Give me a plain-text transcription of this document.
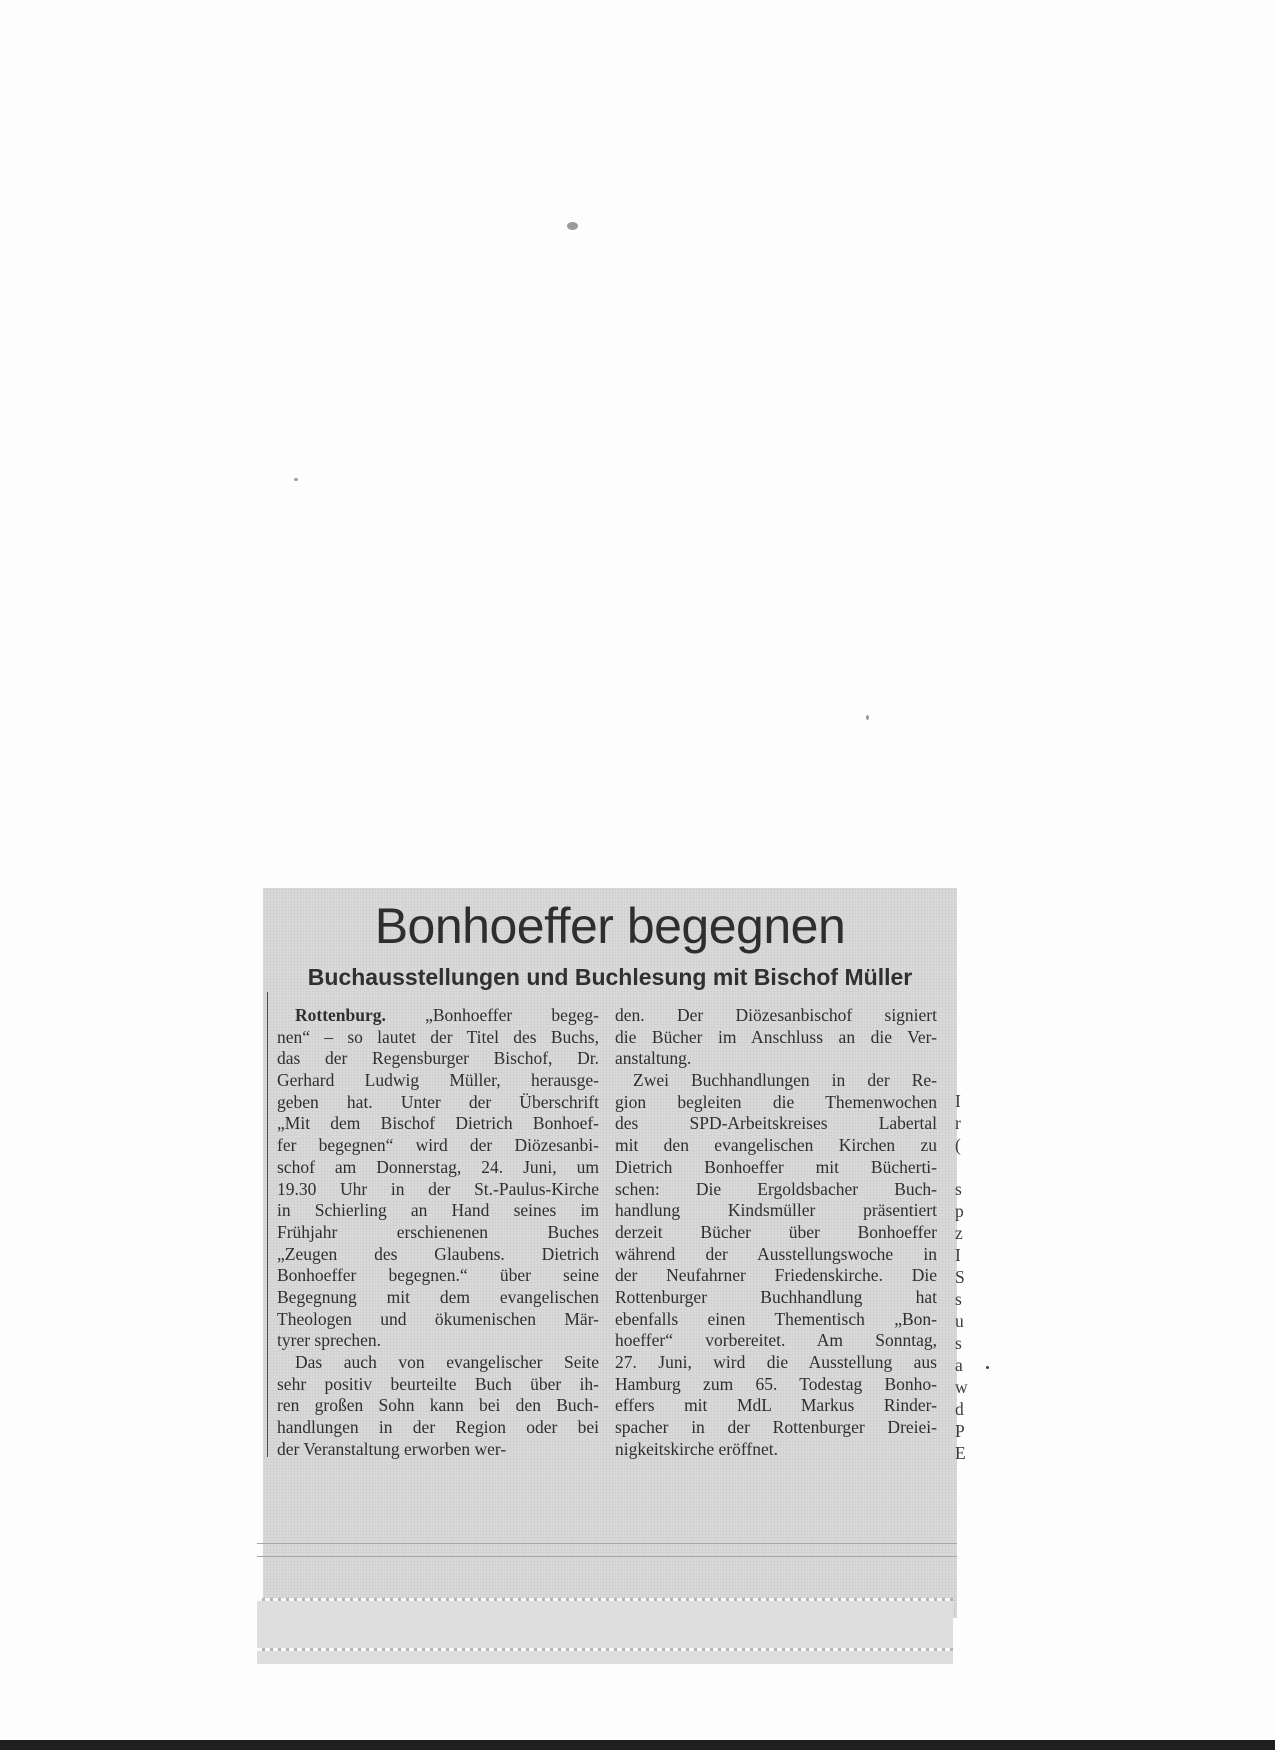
Bonhoeffer begegnen
Buchausstellungen und Buchlesung mit Bischof Müller
Rottenburg. „Bonhoeffer begeg-
nen“ – so lautet der Titel des Buchs,
das der Regensburger Bischof, Dr.
Gerhard Ludwig Müller, herausge-
geben hat. Unter der Überschrift
„Mit dem Bischof Dietrich Bonhoef-
fer begegnen“ wird der Diözesanbi-
schof am Donnerstag, 24. Juni, um
19.30 Uhr in der St.-Paulus-Kirche
in Schierling an Hand seines im
Frühjahr erschienenen Buches
„Zeugen des Glaubens. Dietrich
Bonhoeffer begegnen.“ über seine
Begegnung mit dem evangelischen
Theologen und ökumenischen Mär-
tyrer sprechen.
Das auch von evangelischer Seite
sehr positiv beurteilte Buch über ih-
ren großen Sohn kann bei den Buch-
handlungen in der Region oder bei
der Veranstaltung erworben wer-
den. Der Diözesanbischof signiert
die Bücher im Anschluss an die Ver-
anstaltung.
Zwei Buchhandlungen in der Re-
gion begleiten die Themenwochen
des SPD-Arbeitskreises Labertal
mit den evangelischen Kirchen zu
Dietrich Bonhoeffer mit Bücherti-
schen: Die Ergoldsbacher Buch-
handlung Kindsmüller präsentiert
derzeit Bücher über Bonhoeffer
während der Ausstellungswoche in
der Neufahrner Friedenskirche. Die
Rottenburger Buchhandlung hat
ebenfalls einen Thementisch „Bon-
hoeffer“ vorbereitet. Am Sonntag,
27. Juni, wird die Ausstellung aus
Hamburg zum 65. Todestag Bonho-
effers mit MdL Markus Rinder-
spacher in der Rottenburger Dreiei-
nigkeitskirche eröffnet.
I
r
(
s
p
z
I
S
s
u
s
a
w
d
P
E
